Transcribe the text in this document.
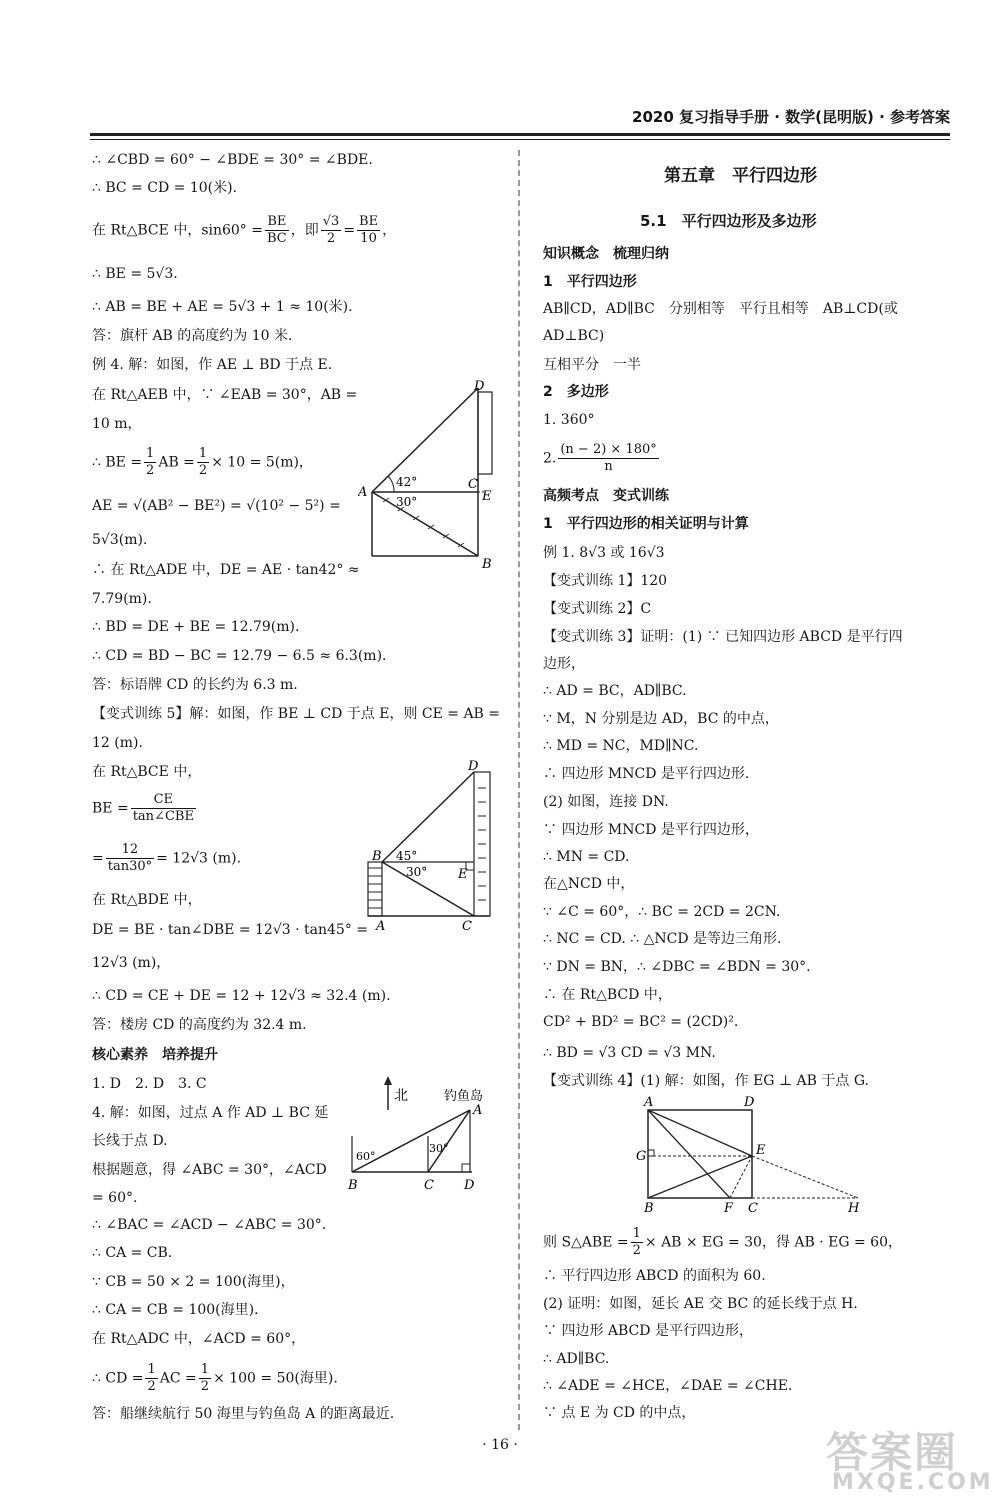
2020 复习指导手册 · 数学(昆明版) · 参考答案
∴ ∠CBD = 60° − ∠BDE = 30° = ∠BDE.
∴ BC = CD = 10(米).
在 Rt△BCE 中，$\sin 60^\circ = \frac{BE}{BC}$ ，即 $\frac{√3}{2} = \frac{BE}{10}$ ，
∴ BE = 5√3.
∴ AB = BE + AE = 5√3 + 1 ≈ 10(米).
答：旗杆 AB 的高度约为 10 米.
例 4. 解：如图，作 AE ⊥ BD 于点 E.
在 Rt△AEB 中，∵ ∠EAB = 30°，AB =
10 m，
∴ BE = $\frac{1}{2}$ AB = $\frac{1}{2} \times 10 = 5(m)$，
AE = √(AB² − BE²) = √(10² − 5²) =
5√3(m).
∴ 在 Rt△ADE 中，DE = AE · tan42° ≈
7.79(m).
∴ BD = DE + BE = 12.79(m).
∴ CD = BD − BC = 12.79 − 6.5 ≈ 6.3(m).
答：标语牌 CD 的长约为 6.3 m.
【变式训练 5】解：如图，作 BE ⊥ CD 于点 E，则 CE = AB =
12 (m).
在 Rt△BCE 中，
BE = $\frac{CE}{\text{tan∠CBE}}$
= $\frac{12}{\tan 30^\circ} = 12√3$ (m).
在 Rt△BDE 中，
DE = BE · tan∠DBE = 12√3 · tan45° =
12√3 (m)，
∴ CD = CE + DE = 12 + 12√3 ≈ 32.4 (m).
答：楼房 CD 的高度约为 32.4 m.
核心素养　培养提升
1. D　2. D　3. C
4. 解：如图，过点 A 作 AD ⊥ BC 延
长线于点 D.
根据题意，得 ∠ABC = 30°，∠ACD
= 60°.
∴ ∠BAC = ∠ACD − ∠ABC = 30°.
∴ CA = CB.
∵ CB = 50 × 2 = 100(海里)，
∴ CA = CB = 100(海里).
在 Rt△ADC 中，∠ACD = 60°，
∴ CD = $\frac{1}{2}$ AC = $\frac{1}{2} \times 100 = 50$(海里).
答：船继续航行 50 海里与钓鱼岛 A 的距离最近.
A
D
C
E
B
42°
30°
B
D
E
C
A
45°
30°
北	钓鱼岛
60°
30°
A
B	C D
第五章　平行四边形
5.1　平行四边形及多边形
知识概念　梳理归纳
1　平行四边形
AB∥CD，AD∥BC　分别相等　平行且相等　AB⊥CD(或
AD⊥BC)
互相平分　一半
2　多边形
1. 360°
2. $\frac{(n - 2) \times 180^\circ}{n}$
高频考点　变式训练
1　平行四边形的相关证明与计算
例 1. 8√3 或 16√3
【变式训练 1】120
【变式训练 2】C
【变式训练 3】证明：(1) ∵ 已知四边形 ABCD 是平行四
边形，
∴ AD = BC，AD∥BC.
∵ M，N 分别是边 AD，BC 的中点，
∴ MD = NC，MD∥NC.
∴ 四边形 MNCD 是平行四边形.
(2) 如图，连接 DN.
∵ 四边形 MNCD 是平行四边形，
∴ MN = CD.
在△NCD 中，
∵ ∠C = 60°，∴ BC = 2CD = 2CN.
∴ NC = CD. ∴ △NCD 是等边三角形.
∵ DN = BN，∴ ∠DBC = ∠BDN = 30°.
∴ 在 Rt△BCD 中，
CD² + BD² = BC² = (2CD)².
∴ BD = √3 CD = √3 MN.
【变式训练 4】(1) 解：如图，作 EG ⊥ AB 于点 G.
A	D
G	E
B	F C	H
则 S△ABE = $\frac{1}{2}$ × AB × EG = 30，得 AB · EG = 60，
∴ 平行四边形 ABCD 的面积为 60.
(2) 证明：如图，延长 AE 交 BC 的延长线于点 H.
∵ 四边形 ABCD 是平行四边形，
∴ AD∥BC.
∴ ∠ADE = ∠HCE，∠DAE = ∠CHE.
∵ 点 E 为 CD 的中点，
· 16 ·	答案圈
MXQE.COM
